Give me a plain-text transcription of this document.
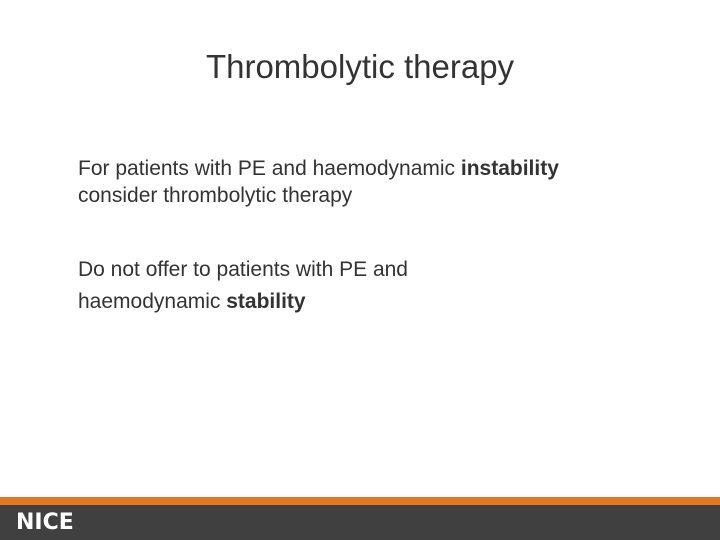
Thrombolytic therapy

For patients with PE and haemodynamic instability
consider thrombolytic therapy

Do not offer to patients with PE and
haemodynamic stability

NICE
